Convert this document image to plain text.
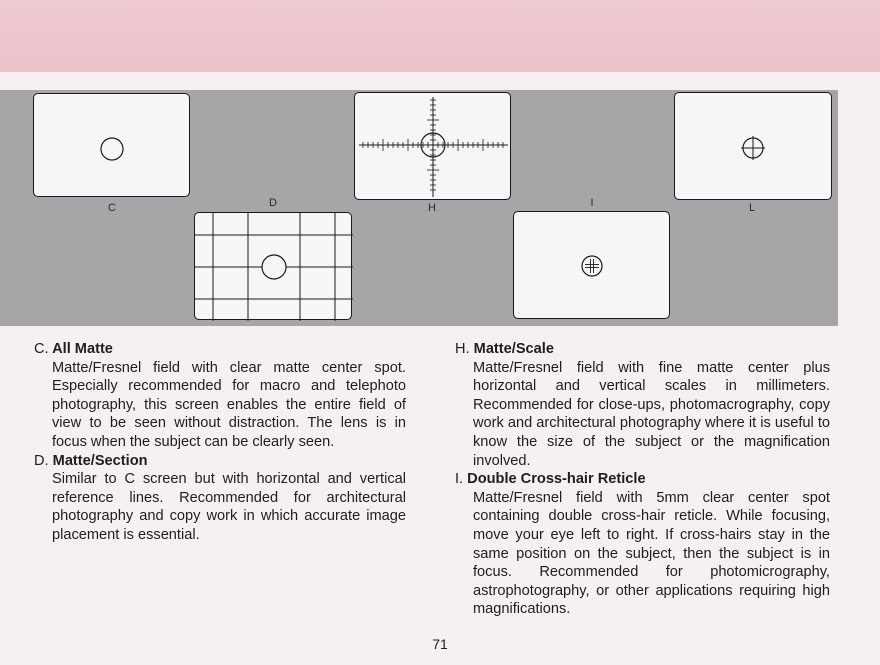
C	D	H	I	L
C. All Matte
Matte/Fresnel field with clear matte center spot. Especially recommended for macro and telephoto photography, this screen enables the entire field of view to be seen without distraction. The lens is in focus when the subject can be clearly seen.
D. Matte/Section
Similar to C screen but with horizontal and vertical reference lines. Recommended for architectural photography and copy work in which accurate image placement is essential.
H. Matte/Scale
Matte/Fresnel field with fine matte center plus horizontal and vertical scales in millimeters. Recommended for close-ups, photomacrography, copy work and architectural photography where it is useful to know the size of the subject or the magnification involved.
I. Double Cross-hair Reticle
Matte/Fresnel field with 5mm clear center spot containing double cross-hair reticle. While focusing, move your eye left to right. If cross-hairs stay in the same position on the subject, then the subject is in focus. Recommended for photomicrography, astrophotography, or other applications requiring high magnifications.
71
